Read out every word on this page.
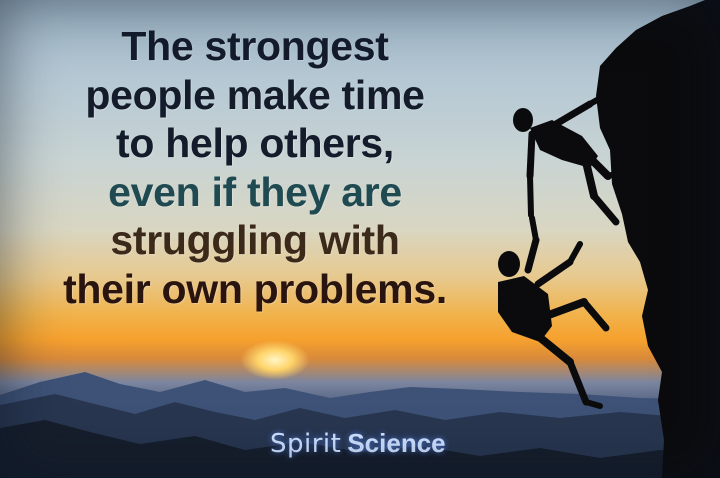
The strongest
people make time
to help others,
even if they are
struggling with
their own problems.
Spirit Science
